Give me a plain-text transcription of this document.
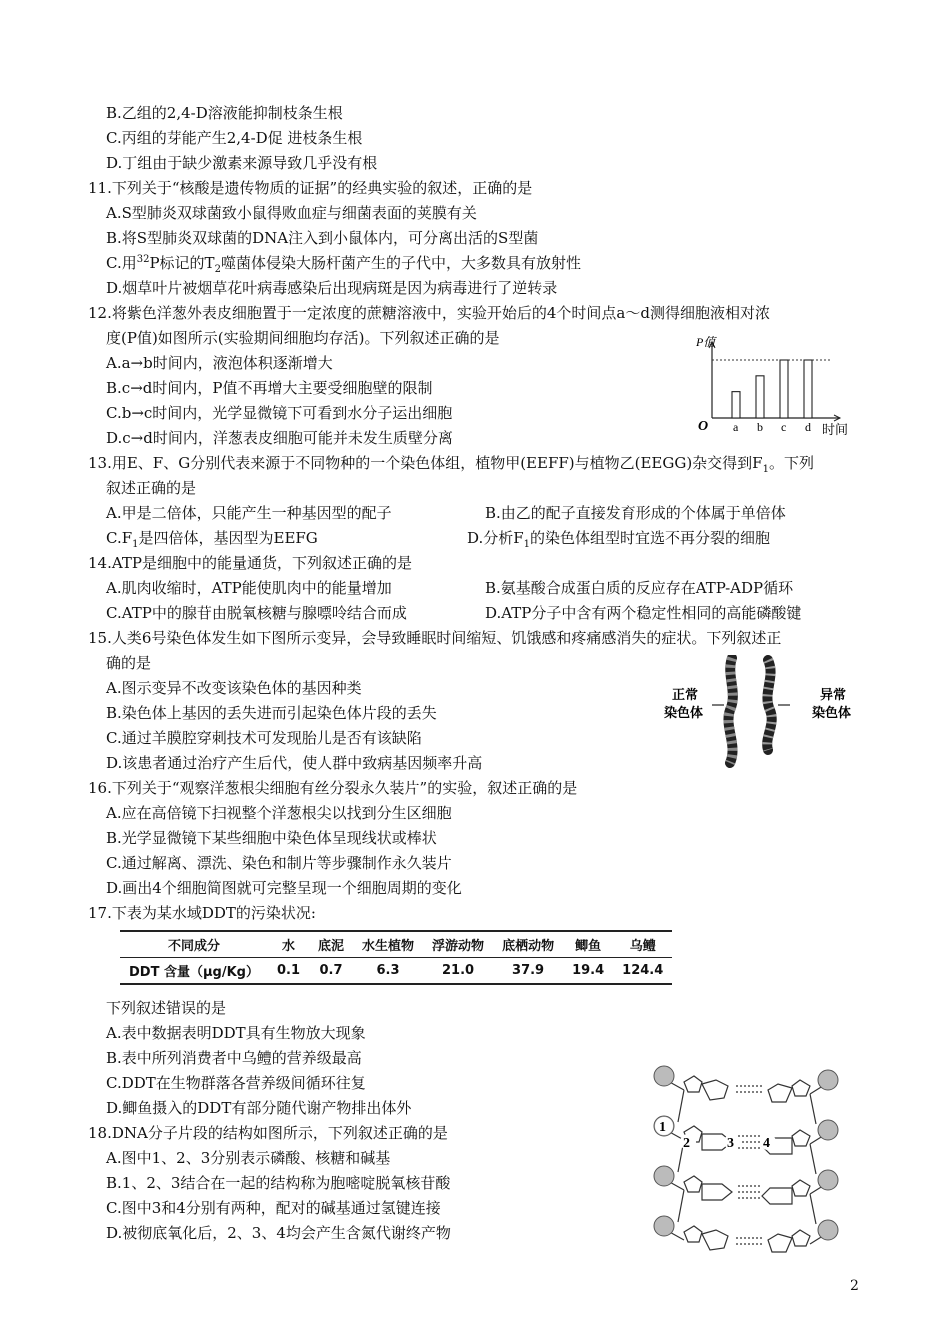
B.乙组的2,4-D溶液能抑制枝条生根
C.丙组的芽能产生2,4-D促 进枝条生根
D.丁组由于缺少激素来源导致几乎没有根
11.下列关于“核酸是遗传物质的证据”的经典实验的叙述，正确的是
A.S型肺炎双球菌致小鼠得败血症与细菌表面的荚膜有关
B.将S型肺炎双球菌的DNA注入到小鼠体内，可分离出活的S型菌
C.用$^{32}$P标记的$T_2$噬菌体侵染大肠杆菌产生的子代中，大多数具有放射性
D.烟草叶片被烟草花叶病毒感染后出现病斑是因为病毒进行了逆转录
12.将紫色洋葱外表皮细胞置于一定浓度的蔗糖溶液中，实验开始后的4个时间点a～d测得细胞液相对浓
度(P值)如图所示(实验期间细胞均存活)。下列叙述正确的是
A.a→b时间内，液泡体积逐渐增大
B.c→d时间内，P值不再增大主要受细胞壁的限制
C.b→c时间内，光学显微镜下可看到水分子运出细胞
D.c→d时间内，洋葱表皮细胞可能并未发生质壁分离
a b c d
P值
时间
O
13.用E、F、G分别代表来源于不同物种的一个染色体组，植物甲(EEFF)与植物乙(EEGG)杂交得到$F_1$。下列
叙述正确的是
A.甲是二倍体，只能产生一种基因型的配子	B.由乙的配子直接发育形成的个体属于单倍体
$C.F_1$是四倍体，基因型为EEFG	D.分析$F_1$的染色体组型时宜选不再分裂的细胞
14.ATP是细胞中的能量通货，下列叙述正确的是
A.肌肉收缩时，ATP能使肌肉中的能量增加	B.氨基酸合成蛋白质的反应存在ATP-ADP循环
C.ATP中的腺苷由脱氧核糖与腺嘌呤结合而成	D.ATP分子中含有两个稳定性相同的高能磷酸键
15.人类6号染色体发生如下图所示变异，会导致睡眠时间缩短、饥饿感和疼痛感消失的症状。下列叙述正
确的是
A.图示变异不改变该染色体的基因种类
B.染色体上基因的丢失进而引起染色体片段的丢失
C.通过羊膜腔穿刺技术可发现胎儿是否有该缺陷
D.该患者通过治疗产生后代，使人群中致病基因频率升高
正常
染色体
异常
染色体
16.下列关于“观察洋葱根尖细胞有丝分裂永久装片”的实验，叙述正确的是
A.应在高倍镜下扫视整个洋葱根尖以找到分生区细胞
B.光学显微镜下某些细胞中染色体呈现线状或棒状
C.通过解离、漂洗、染色和制片等步骤制作永久装片
D.画出4个细胞简图就可完整呈现一个细胞周期的变化
17.下表为某水域DDT的污染状况:
不同成分	水	底泥	水生植物	浮游动物	底栖动物	鲫鱼	乌鳢
DDT 含量（μg/Kg）	0.1	0.7	6.3	21.0	37.9	19.4	124.4
下列叙述错误的是
A.表中数据表明DDT具有生物放大现象
B.表中所列消费者中乌鳢的营养级最高
C.DDT在生物群落各营养级间循环往复
D.鲫鱼摄入的DDT有部分随代谢产物排出体外
18.DNA分子片段的结构如图所示，下列叙述正确的是
A.图中1、2、3分别表示磷酸、核糖和碱基
B.1、2、3结合在一起的结构称为胞嘧啶脱氧核苷酸
C.图中3和4分别有两种，配对的碱基通过氢键连接
D.被彻底氧化后，2、3、4均会产生含氮代谢终产物
1
2	3 4
2
